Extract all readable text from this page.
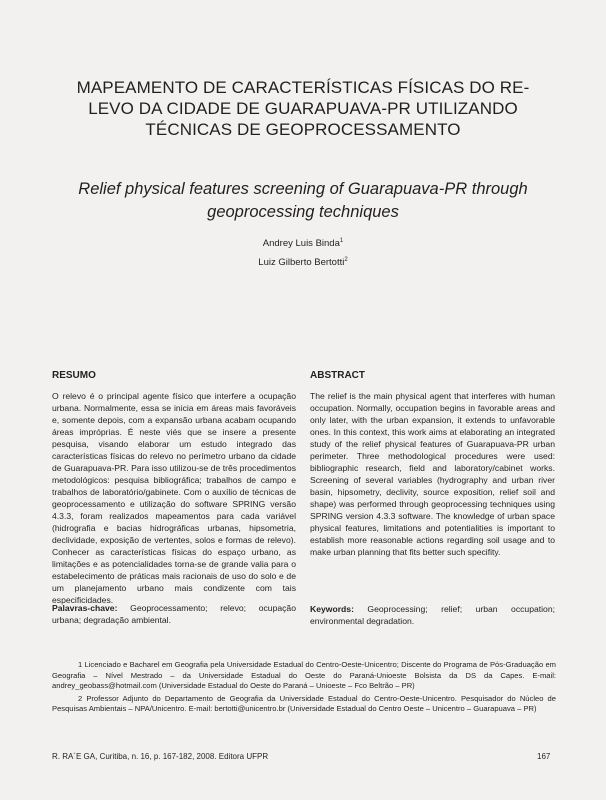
MAPEAMENTO DE CARACTERÍSTICAS FÍSICAS DO RE-
LEVO DA CIDADE DE GUARAPUAVA-PR UTILIZANDO
TÉCNICAS DE GEOPROCESSAMENTO
Relief physical features screening of Guarapuava-PR through
geoprocessing techniques
Andrey Luis Binda$^1$
Luiz Gilberto Bertotti$^2$
RESUMO	ABSTRACT

O relevo é o principal agente físico que interfere a ocupação urbana. Normalmente, essa se inicia em áreas mais favoráveis e, somente depois, com a expansão urbana acabam ocupando áreas impróprias. É neste viés que se insere a presente pesquisa, visando elaborar um estudo integrado das características físicas do relevo no perímetro urbano da cidade de Guarapuava-PR. Para isso utilizou-se de três procedimentos metodológicos: pesquisa bibliográfica; trabalhos de campo e trabalhos de laboratório/gabinete. Com o auxílio de técnicas de geoprocessamento e utilização do software SPRING versão 4.3.3, foram realizados mapeamentos para cada variável (hidrografia e bacias hidrográficas urbanas, hipsometria, declividade, exposição de vertentes, solos e formas de relevo). Conhecer as características físicas do espaço urbano, as limitações e as potencialidades torna-se de grande valia para o estabelecimento de práticas mais racionais de uso do solo e de um planejamento urbano mais condizente com tais especificidades.

The relief is the main physical agent that interferes with human occupation. Normally, occupation begins in favorable areas and only later, with the urban expansion, it extends to unfavorable ones. In this context, this work aims at elaborating an integrated study of the relief physical features of Guarapuava-PR urban perimeter. Three methodological procedures were used: bibliographic research, field and laboratory/cabinet works. Screening of several variables (hydrography and urban river basin, hipsometry, declivity, source exposition, relief soil and shape) was performed through geoprocessing techniques using SPRING version 4.3.3 software. The knowledge of urban space physical features, limitations and potentialities is important to establish more reasonable actions regarding soil usage and to make urban planning that fits better such specifity.

Palavras-chave: Geoprocessamento; relevo; ocupação urbana; degradação ambiental.
Keywords: Geoprocessing; relief; urban occupation; environmental degradation.

1 Licenciado e Bacharel em Geografia pela Universidade Estadual do Centro-Oeste-Unicentro; Discente do Programa de Pós-Graduação em Geografia – Nível Mestrado – da Universidade Estadual do Oeste do Paraná-Unioeste Bolsista da DS da Capes. E-mail: andrey_geobass@hotmail.com (Universidade Estadual do Oeste do Paraná – Unioeste – Fco Beltrão – PR)

2 Professor Adjunto do Departamento de Geografia da Universidade Estadual do Centro-Oeste-Unicentro. Pesquisador do Núcleo de Pesquisas Ambientais – NPA/Unicentro. E-mail: bertotti@unicentro.br (Universidade Estadual do Centro Oeste – Unicentro – Guarapuava – PR)

R. RA´E GA, Curitiba, n. 16, p. 167-182, 2008. Editora UFPR	167
